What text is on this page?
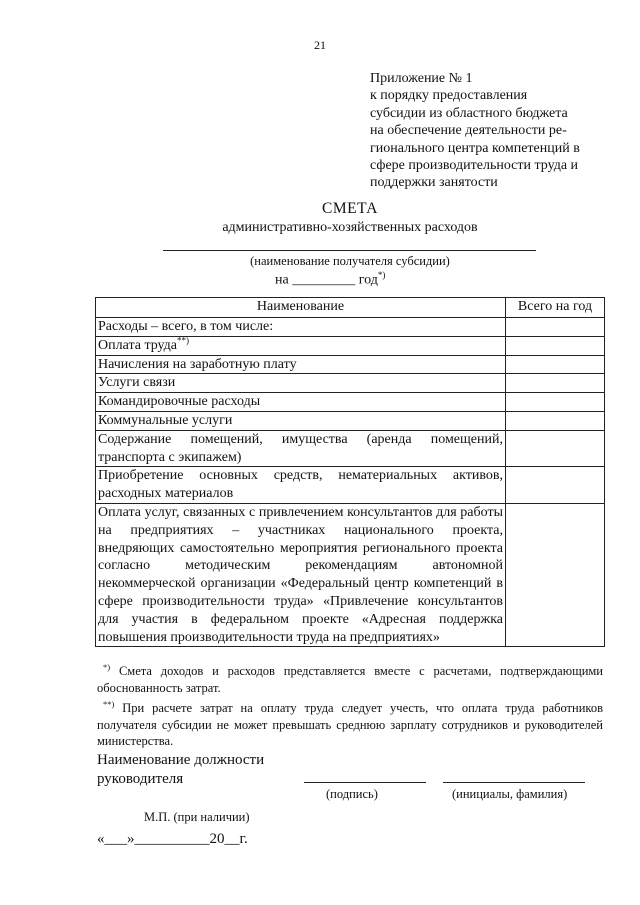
21
Приложение № 1
к порядку предоставления
субсидии из областного бюджета
на обеспечение деятельности ре-
гионального центра компетенций в
сфере производительности труда и
поддержки занятости
СМЕТА
административно-хозяйственных расходов
(наименование получателя субсидии)
на _________ год*)
Наименование	Всего на год
Расходы – всего, в том числе:	
Оплата труда**)	
Начисления на заработную плату	
Услуги связи	
Командировочные расходы	
Коммунальные услуги	
Содержание помещений, имущества (аренда помещений, транспорта с экипажем)	
Приобретение основных средств, нематериальных активов, расходных материалов	
Оплата услуг, связанных с привлечением консультантов для работы на предприятиях – участниках национального проекта, внедряющих самостоятельно мероприятия регионального проекта согласно методическим рекомендациям автономной некоммерческой организации «Федеральный центр компетенций в сфере производительности труда» «Привлечение консультантов для участия в федеральном проекте «Адресная поддержка повышения производительности труда на предприятиях»	

*) Смета доходов и расходов представляется вместе с расчетами, подтверждающими обоснованность затрат.

**) При расчете затрат на оплату труда следует учесть, что оплата труда работников получателя субсидии не может превышать среднюю зарплату сотрудников и руководителей министерства.

Наименование должности
руководителя
(подпись)	(инициалы, фамилия)
М.П. (при наличии)
«___»__________20__г.
